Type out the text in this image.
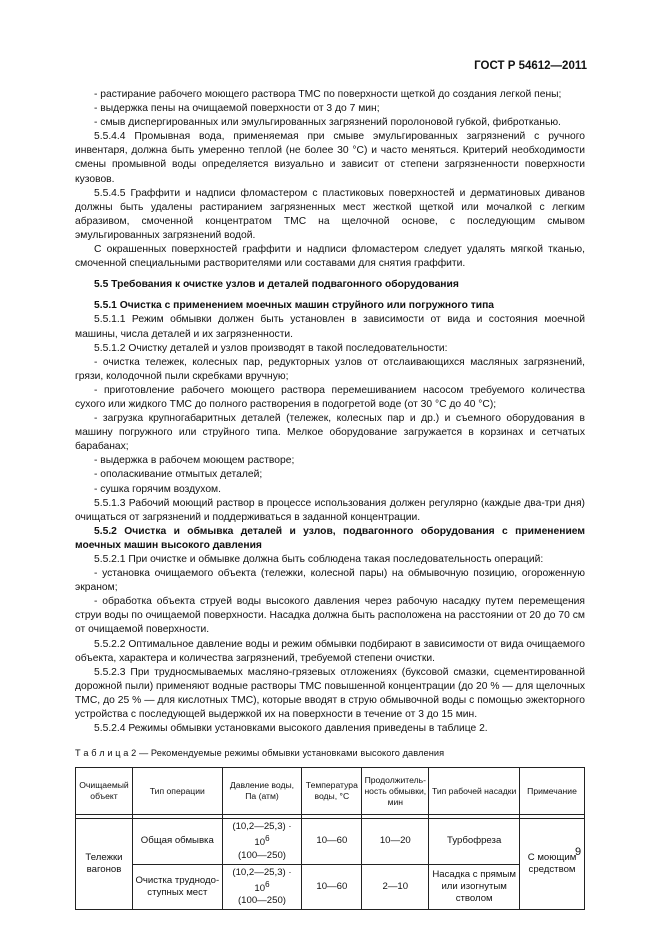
ГОСТ Р 54612—2011

- растирание рабочего моющего раствора ТМС по поверхности щеткой до создания легкой пены;

- выдержка пены на очищаемой поверхности от 3 до 7 мин;

- смыв диспергированных или эмульгированных загрязнений поролоновой губкой, фибротканью.

5.5.4.4 Промывная вода, применяемая при смыве эмульгированных загрязнений с ручного инвентаря, должна быть умеренно теплой (не более 30 °С) и часто меняться. Критерий необходимости смены промывной воды определяется визуально и зависит от степени загрязненности поверхности кузовов.

5.5.4.5 Граффити и надписи фломастером с пластиковых поверхностей и дерматиновых диванов должны быть удалены растиранием загрязненных мест жесткой щеткой или мочалкой с легким абразивом, смоченной концентратом ТМС на щелочной основе, с последующим смывом эмульгированных загрязнений водой.

С окрашенных поверхностей граффити и надписи фломастером следует удалять мягкой тканью, смоченной специальными растворителями или составами для снятия граффити.

5.5 Требования к очистке узлов и деталей подвагонного оборудования

5.5.1 Очистка с применением моечных машин струйного или погружного типа

5.5.1.1 Режим обмывки должен быть установлен в зависимости от вида и состояния моечной машины, числа деталей и их загрязненности.

5.5.1.2 Очистку деталей и узлов производят в такой последовательности:

- очистка тележек, колесных пар, редукторных узлов от отслаивающихся масляных загрязнений, грязи, колодочной пыли скребками вручную;

- приготовление рабочего моющего раствора перемешиванием насосом требуемого количества сухого или жидкого ТМС до полного растворения в подогретой воде (от 30 °С до 40 °С);

- загрузка крупногабаритных деталей (тележек, колесных пар и др.) и съемного оборудования в машину погружного или струйного типа. Мелкое оборудование загружается в корзинах и сетчатых барабанах;

- выдержка в рабочем моющем растворе;

- ополаскивание отмытых деталей;

- сушка горячим воздухом.

5.5.1.3 Рабочий моющий раствор в процессе использования должен регулярно (каждые два-три дня) очищаться от загрязнений и поддерживаться в заданной концентрации.

5.5.2 Очистка и обмывка деталей и узлов, подвагонного оборудования с применением моечных машин высокого давления

5.5.2.1 При очистке и обмывке должна быть соблюдена такая последовательность операций:

- установка очищаемого объекта (тележки, колесной пары) на обмывочную позицию, огороженную экраном;

- обработка объекта струей воды высокого давления через рабочую насадку путем перемещения струи воды по очищаемой поверхности. Насадка должна быть расположена на расстоянии от 20 до 70 см от очищаемой поверхности.

5.5.2.2 Оптимальное давление воды и режим обмывки подбирают в зависимости от вида очищаемого объекта, характера и количества загрязнений, требуемой степени очистки.

5.5.2.3 При трудносмываемых масляно-грязевых отложениях (буксовой смазки, сцементированной дорожной пыли) применяют водные растворы ТМС повышенной концентрации (до 20 % — для щелочных ТМС, до 25 % — для кислотных ТМС), которые вводят в струю обмывочной воды с помощью эжекторного устройства с последующей выдержкой их на поверхности в течение от 3 до 15 мин.

5.5.2.4 Режимы обмывки установками высокого давления приведены в таблице 2.

Т а б л и ц а 2 — Рекомендуемые режимы обмывки установками высокого давления
Очищаемый объект	Тип операции	Давление воды, Па (атм)	Температура воды, °С	Продолжительность обмывки, мин	Тип рабочей насадки	Примечание

Тележки вагонов	Общая обмывка	(10,2—25,3) · $10^6$
(100—250)	10—60	10—20	Турбофреза	С моющим средством
	Очистка труднодоступных мест	(10,2—25,3) · $10^6$
(100—250)	10—60	2—10	Насадка с прямым или изогнутым стволом	
9
